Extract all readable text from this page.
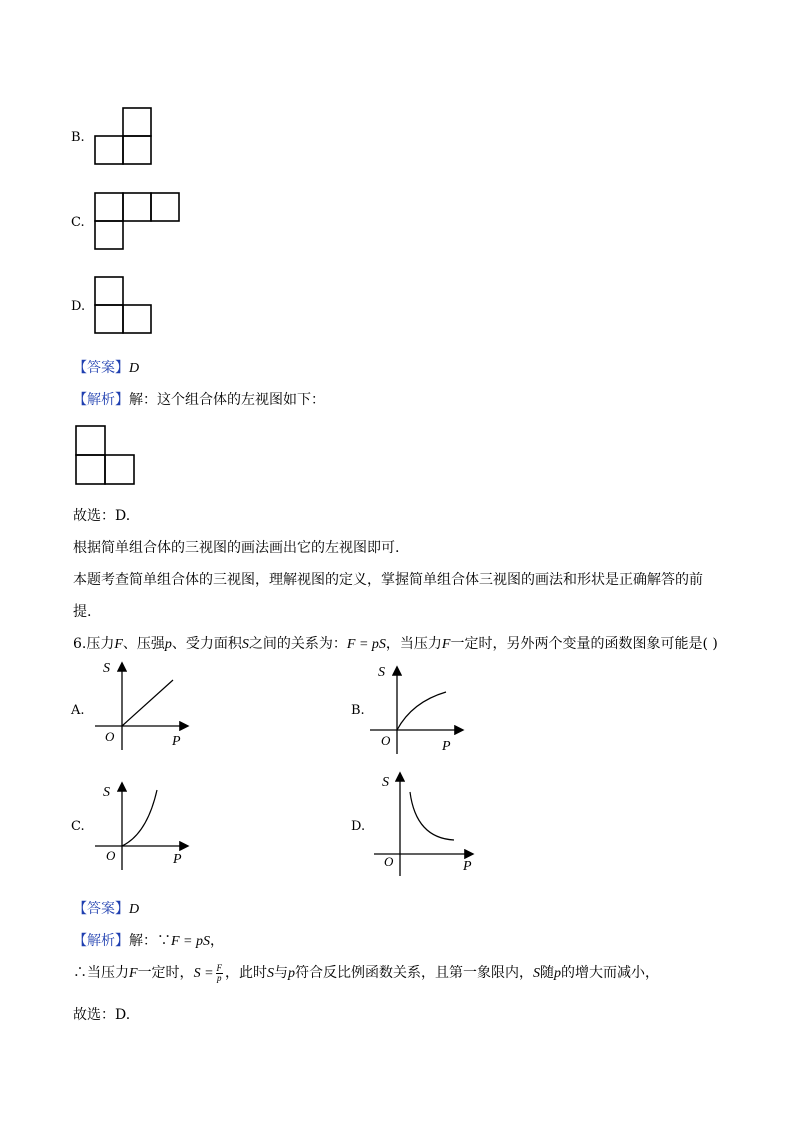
B.
C.
D.
【答案】D
【解析】解：这个组合体的左视图如下：
故选：D.
根据简单组合体的三视图的画法画出它的左视图即可.
本题考查简单组合体的三视图，理解视图的定义，掌握简单组合体三视图的画法和形状是正确解答的前
提.
6.压力F、压强p、受力面积S之间的关系为：F = pS，当压力F一定时，另外两个变量的函数图象可能是( )
A.
S
P
O
B.
S
P
O
C.
S
P
O
D.
S
P
O
【答案】D
【解析】解：∵F = pS，
∴当压力F一定时，$S = \frac{F}{p}$ ，此时S与p符合反比例函数关系，且第一象限内，S随p的增大而减小，
故选：D.
